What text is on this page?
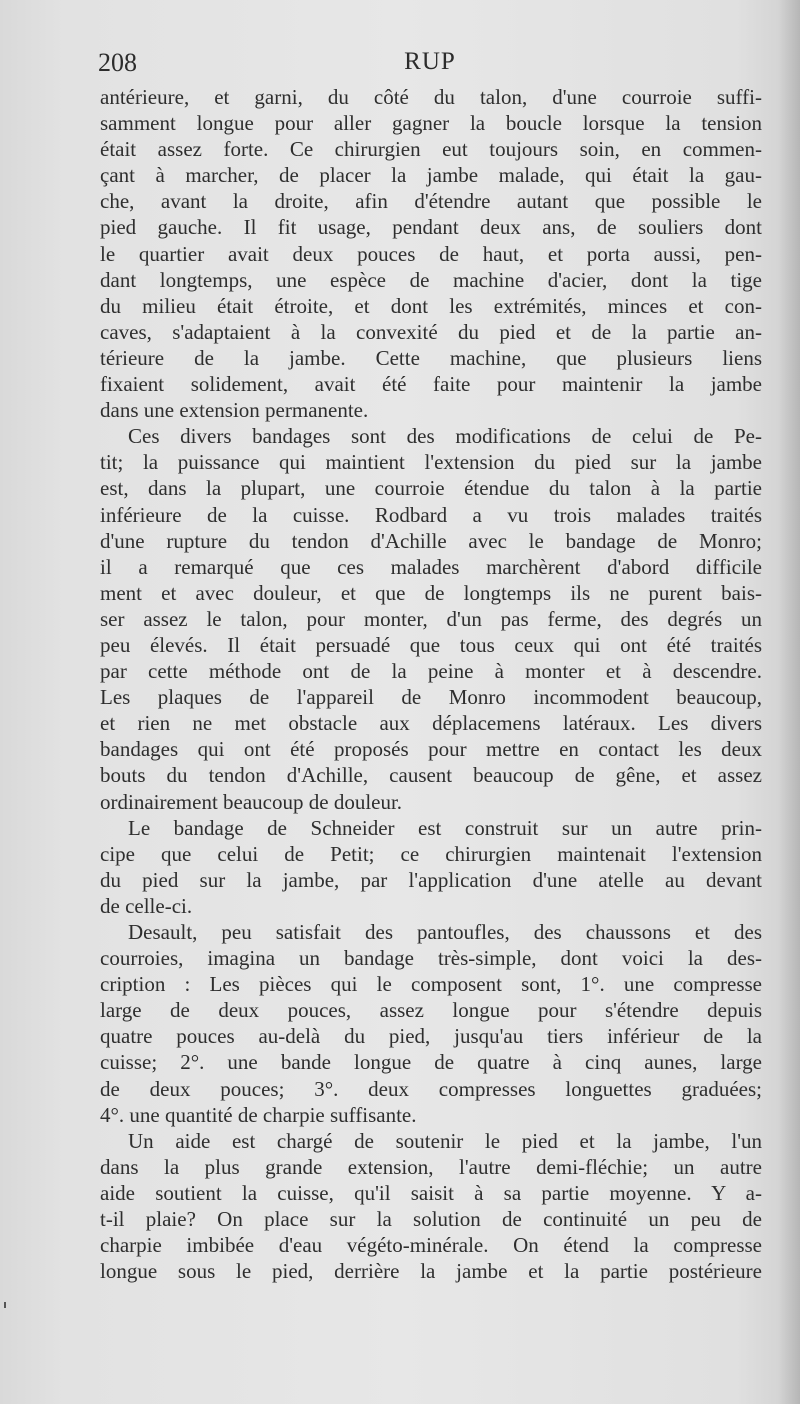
208	RUP
antérieure, et garni, du côté du talon, d'une courroie suffi-
samment longue pour aller gagner la boucle lorsque la tension
était assez forte. Ce chirurgien eut toujours soin, en commen-
çant à marcher, de placer la jambe malade, qui était la gau-
che, avant la droite, afin d'étendre autant que possible le
pied gauche. Il fit usage, pendant deux ans, de souliers dont
le quartier avait deux pouces de haut, et porta aussi, pen-
dant longtemps, une espèce de machine d'acier, dont la tige
du milieu était étroite, et dont les extrémités, minces et con-
caves, s'adaptaient à la convexité du pied et de la partie an-
térieure de la jambe. Cette machine, que plusieurs liens
fixaient solidement, avait été faite pour maintenir la jambe
dans une extension permanente.
Ces divers bandages sont des modifications de celui de Pe-
tit; la puissance qui maintient l'extension du pied sur la jambe
est, dans la plupart, une courroie étendue du talon à la partie
inférieure de la cuisse. Rodbard a vu trois malades traités
d'une rupture du tendon d'Achille avec le bandage de Monro;
il a remarqué que ces malades marchèrent d'abord difficile
ment et avec douleur, et que de longtemps ils ne purent bais-
ser assez le talon, pour monter, d'un pas ferme, des degrés un
peu élevés. Il était persuadé que tous ceux qui ont été traités
par cette méthode ont de la peine à monter et à descendre.
Les plaques de l'appareil de Monro incommodent beaucoup,
et rien ne met obstacle aux déplacemens latéraux. Les divers
bandages qui ont été proposés pour mettre en contact les deux
bouts du tendon d'Achille, causent beaucoup de gêne, et assez
ordinairement beaucoup de douleur.
Le bandage de Schneider est construit sur un autre prin-
cipe que celui de Petit; ce chirurgien maintenait l'extension
du pied sur la jambe, par l'application d'une atelle au devant
de celle-ci.
Desault, peu satisfait des pantoufles, des chaussons et des
courroies, imagina un bandage très-simple, dont voici la des-
cription : Les pièces qui le composent sont, 1°. une compresse
large de deux pouces, assez longue pour s'étendre depuis
quatre pouces au-delà du pied, jusqu'au tiers inférieur de la
cuisse; 2°. une bande longue de quatre à cinq aunes, large
de deux pouces; 3°. deux compresses longuettes graduées;
4°. une quantité de charpie suffisante.
Un aide est chargé de soutenir le pied et la jambe, l'un
dans la plus grande extension, l'autre demi-fléchie; un autre
aide soutient la cuisse, qu'il saisit à sa partie moyenne. Y a-
t-il plaie? On place sur la solution de continuité un peu de
charpie imbibée d'eau végéto-minérale. On étend la compresse
longue sous le pied, derrière la jambe et la partie postérieure
